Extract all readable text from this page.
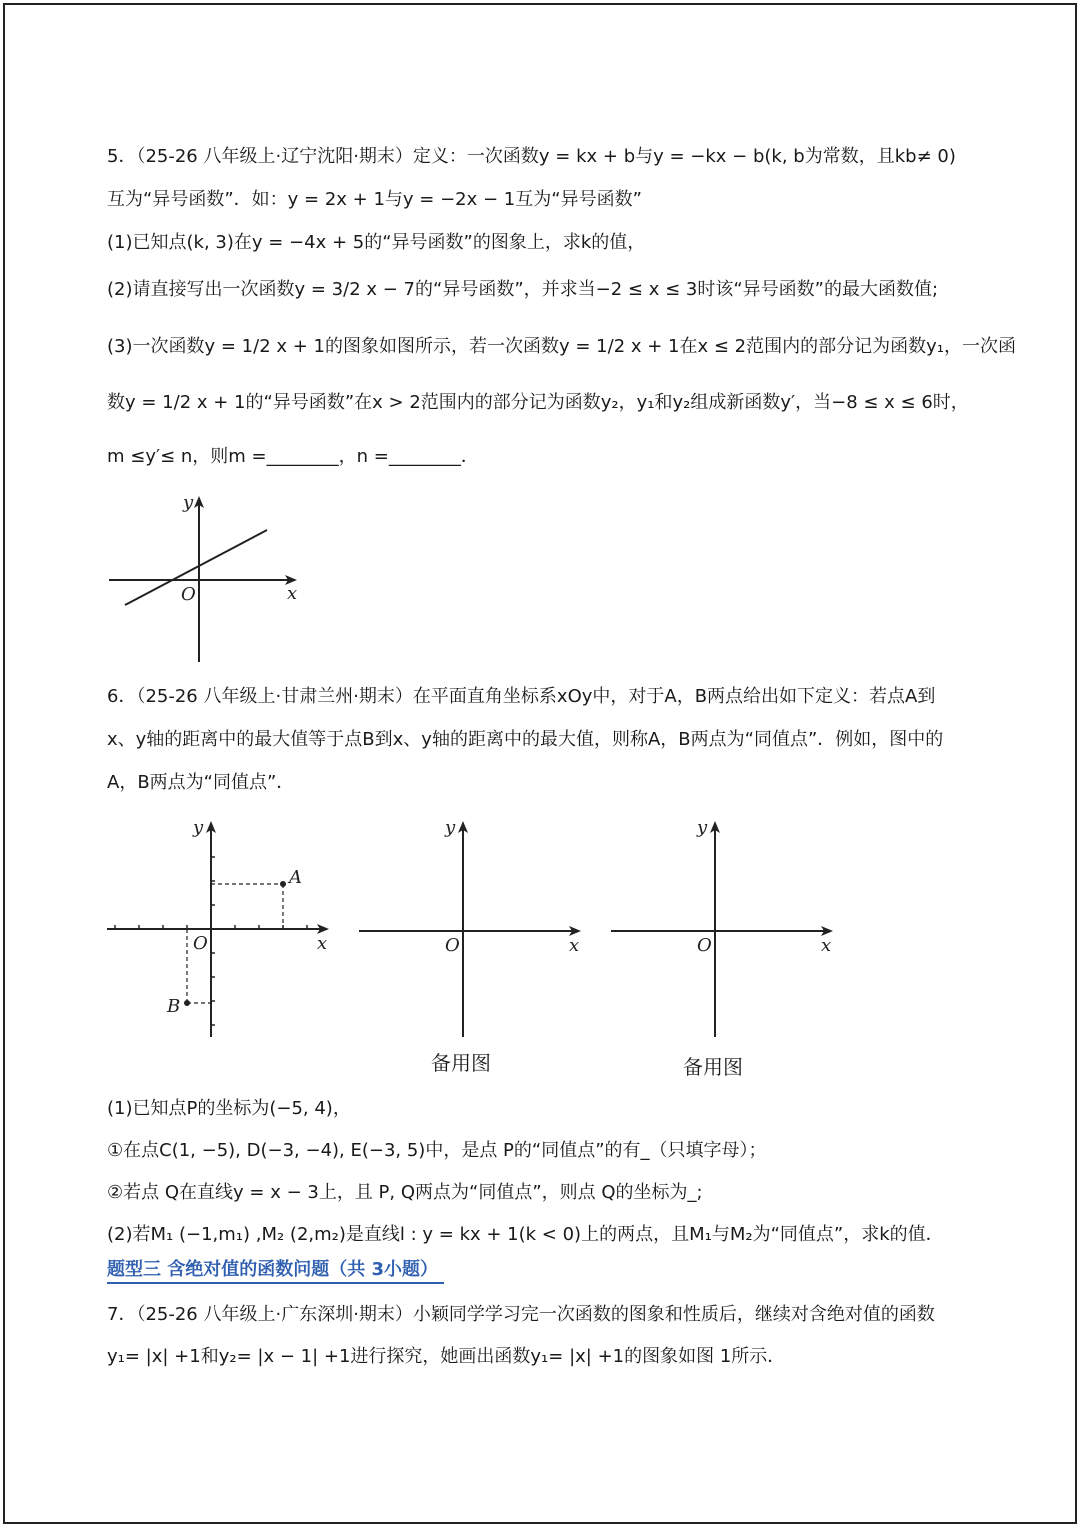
5．（25-26 八年级上·辽宁沈阳·期末）定义：一次函数y = kx + b与y = −kx − b(k, b为常数，且kb≠ 0)
互为“异号函数”．如：y = 2x + 1与y = −2x − 1互为“异号函数”
(1)已知点(k, 3)在y = −4x + 5的“异号函数”的图象上，求k的值，
(2)请直接写出一次函数y = 3/2 x − 7的“异号函数”，并求当−2 ≤ x ≤ 3时该“异号函数”的最大函数值;
(3)一次函数y = 1/2 x + 1的图象如图所示，若一次函数y = 1/2 x + 1在x ≤ 2范围内的部分记为函数y₁，一次函
数y = 1/2 x + 1的“异号函数”在x > 2范围内的部分记为函数y₂，y₁和y₂组成新函数y′，当−8 ≤ x ≤ 6时，
m ≤y′≤ n，则m =________，n =________．
x
y
O
6．（25-26 八年级上·甘肃兰州·期末）在平面直角坐标系xOy中，对于A，B两点给出如下定义：若点A到
x、y轴的距离中的最大值等于点B到x、y轴的距离中的最大值，则称A，B两点为“同值点”．例如，图中的
A，B两点为“同值点”．
A
B
x
y
O	x
y
O
备用图
x
y
O
备用图
(1)已知点P的坐标为(−5, 4)，
①在点C(1, −5), D(−3, −4), E(−3, 5)中，是点 P的“同值点”的有_（只填字母）；
②若点 Q在直线y = x − 3上，且 P, Q两点为“同值点”，则点 Q的坐标为_;
(2)若M₁ (−1,m₁) ,M₂ (2,m₂)是直线l : y = kx + 1(k < 0)上的两点，且M₁与M₂为“同值点”，求k的值．
题型三 含绝对值的函数问题（共 3小题）
7．（25-26 八年级上·广东深圳·期末）小颖同学学习完一次函数的图象和性质后，继续对含绝对值的函数
y₁= |x| +1和y₂= |x − 1| +1进行探究，她画出函数y₁= |x| +1的图象如图 1所示．
